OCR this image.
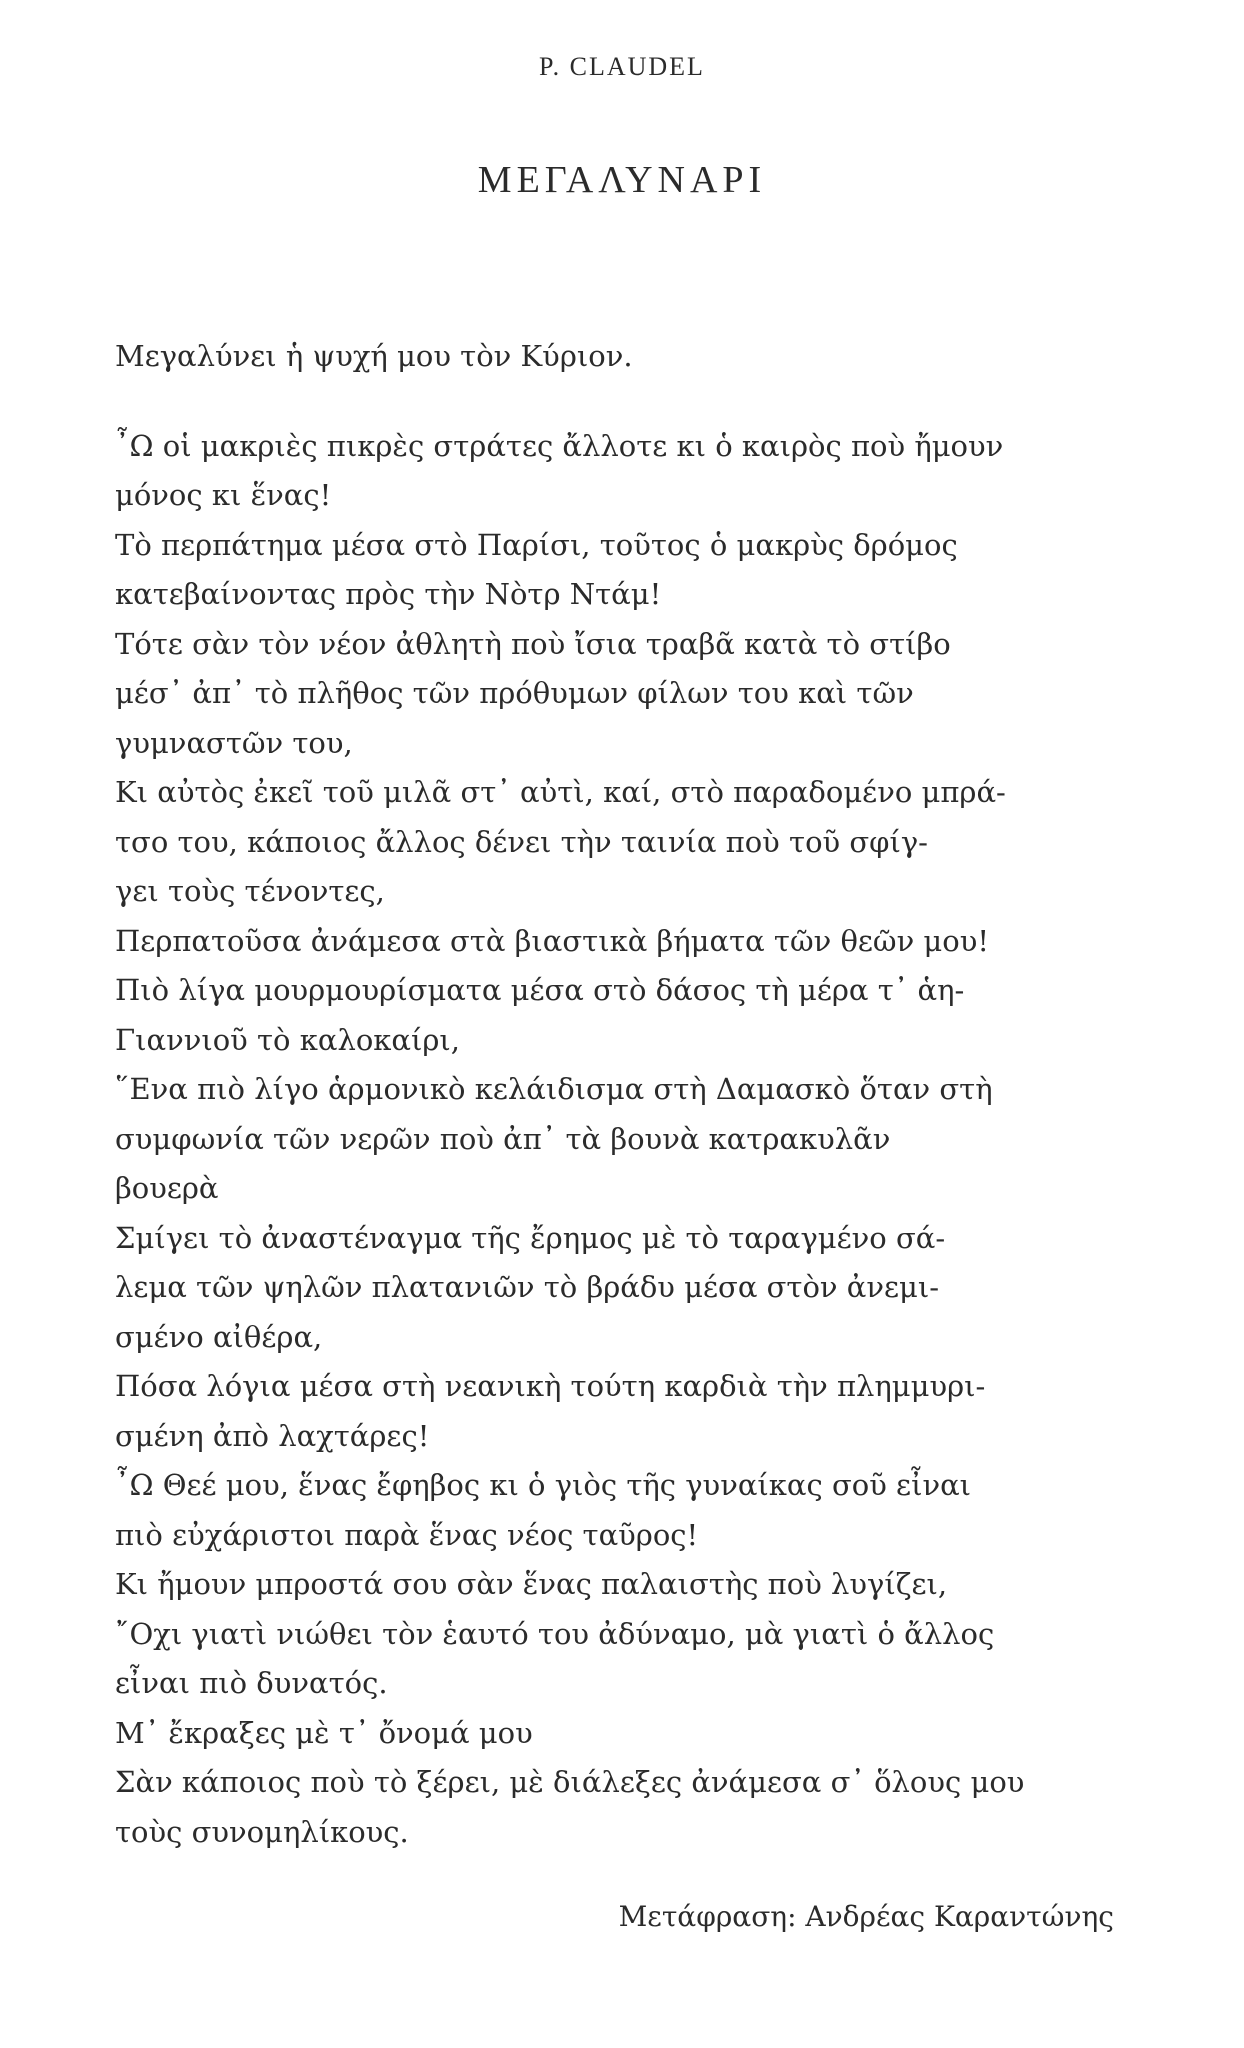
P. CLAUDEL
ΜΕΓΑΛΥΝΑΡΙ

Μεγαλύνει ἡ ψυχή μου τὸν Κύριον.

῏Ω οἱ μακριὲς πικρὲς στράτες ἄλλοτε κι ὁ καιρὸς ποὺ ἤμουν
μόνος κι ἕνας!

Τὸ περπάτημα μέσα στὸ Παρίσι, τοῦτος ὁ μακρὺς δρόμος
κατεβαίνοντας πρὸς τὴν Νὸτρ Ντάμ!

Τότε σὰν τὸν νέον ἀθλητὴ ποὺ ἴσια τραβᾶ κατὰ τὸ στίβο
μέσ᾽ ἀπ᾽ τὸ πλῆθος τῶν πρόθυμων φίλων του καὶ τῶν
γυμναστῶν του,

Κι αὐτὸς ἐκεῖ τοῦ μιλᾶ στ᾽ αὐτὶ, καί, στὸ παραδομένο μπρά-
τσο του, κάποιος ἄλλος δένει τὴν ταινία ποὺ τοῦ σφίγ-
γει τοὺς τένοντες,

Περπατοῦσα ἀνάμεσα στὰ βιαστικὰ βήματα τῶν θεῶν μου!

Πιὸ λίγα μουρμουρίσματα μέσα στὸ δάσος τὴ μέρα τ᾽ ἁη-
Γιαννιοῦ τὸ καλοκαίρι,

῞Ενα πιὸ λίγο ἁρμονικὸ κελάιδισμα στὴ Δαμασκὸ ὅταν στὴ
συμφωνία τῶν νερῶν ποὺ ἀπ᾽ τὰ βουνὰ κατρακυλᾶν
βουερὰ

Σμίγει τὸ ἀναστέναγμα τῆς ἔρημος μὲ τὸ ταραγμένο σά-
λεμα τῶν ψηλῶν πλατανιῶν τὸ βράδυ μέσα στὸν ἀνεμι-
σμένο αἰθέρα,

Πόσα λόγια μέσα στὴ νεανικὴ τούτη καρδιὰ τὴν πλημμυρι-
σμένη ἀπὸ λαχτάρες!

῏Ω Θεέ μου, ἕνας ἔφηβος κι ὁ γιὸς τῆς γυναίκας σοῦ εἶναι
πιὸ εὐχάριστοι παρὰ ἕνας νέος ταῦρος!

Κι ἤμουν μπροστά σου σὰν ἕνας παλαιστὴς ποὺ λυγίζει,

῎Οχι γιατὶ νιώθει τὸν ἑαυτό του ἀδύναμο, μὰ γιατὶ ὁ ἄλλος
εἶναι πιὸ δυνατός.

Μ᾽ ἔκραξες μὲ τ᾽ ὄνομά μου

Σὰν κάποιος ποὺ τὸ ξέρει, μὲ διάλεξες ἀνάμεσα σ᾽ ὅλους μου
τοὺς συνομηλίκους.

Μετάφραση: Ανδρέας Καραντώνης
